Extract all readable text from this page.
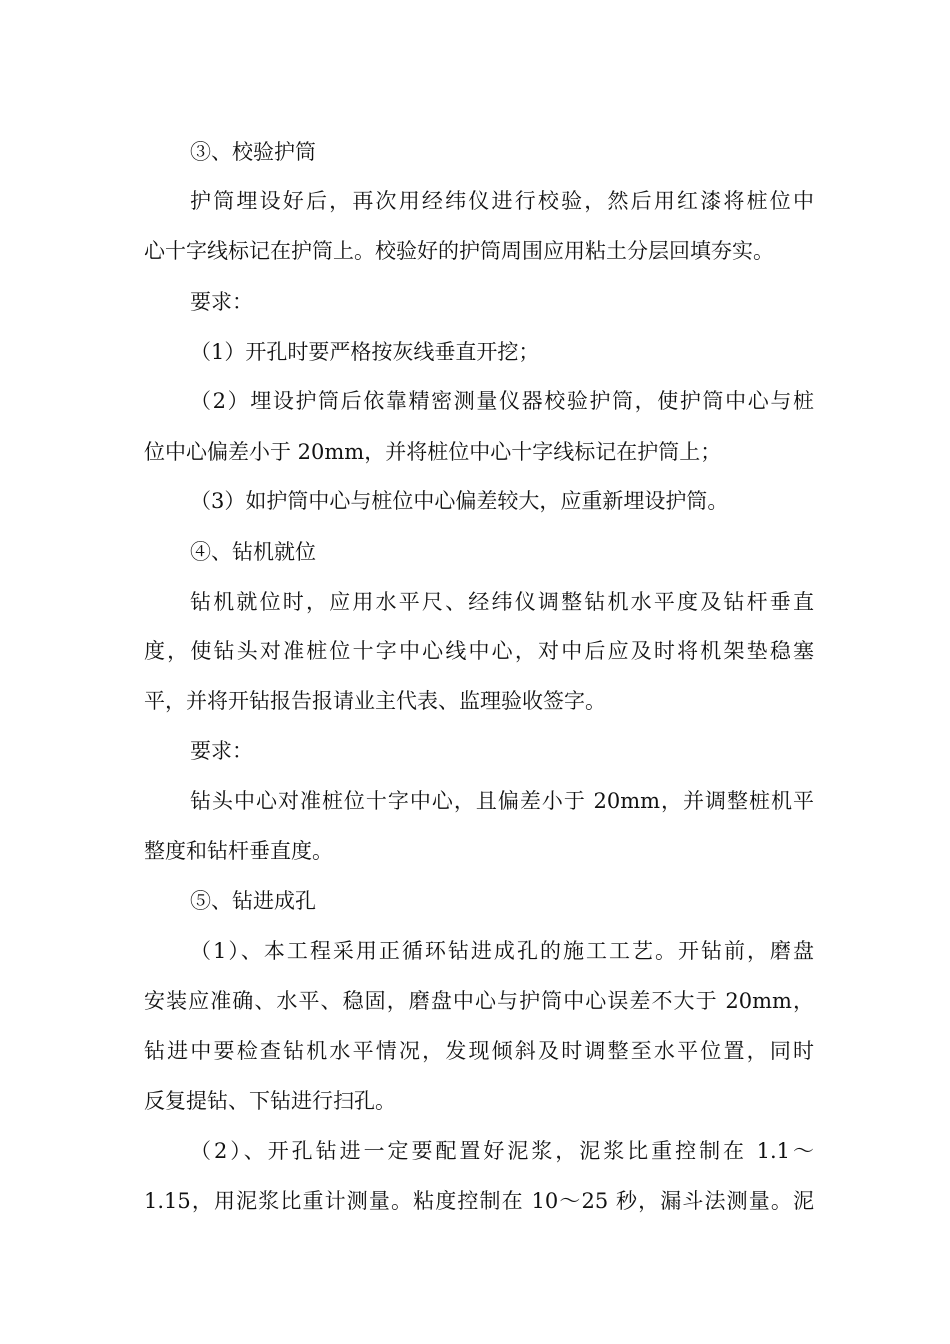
③、校验护筒
护筒埋设好后，再次用经纬仪进行校验，然后用红漆将桩位中
心十字线标记在护筒上。校验好的护筒周围应用粘土分层回填夯实。
要求：
（1）开孔时要严格按灰线垂直开挖；
（2）埋设护筒后依靠精密测量仪器校验护筒，使护筒中心与桩
位中心偏差小于 20mm，并将桩位中心十字线标记在护筒上；
（3）如护筒中心与桩位中心偏差较大，应重新埋设护筒。
④、钻机就位
钻机就位时，应用水平尺、经纬仪调整钻机水平度及钻杆垂直
度，使钻头对准桩位十字中心线中心，对中后应及时将机架垫稳塞
平，并将开钻报告报请业主代表、监理验收签字。
要求：
钻头中心对准桩位十字中心，且偏差小于 20mm，并调整桩机平
整度和钻杆垂直度。
⑤、钻进成孔
（1）、本工程采用正循环钻进成孔的施工工艺。开钻前，磨盘
安装应准确、水平、稳固，磨盘中心与护筒中心误差不大于 20mm，
钻进中要检查钻机水平情况，发现倾斜及时调整至水平位置，同时
反复提钻、下钻进行扫孔。
（2）、开孔钻进一定要配置好泥浆，泥浆比重控制在 1.1～
1.15，用泥浆比重计测量。粘度控制在 10～25 秒，漏斗法测量。泥
